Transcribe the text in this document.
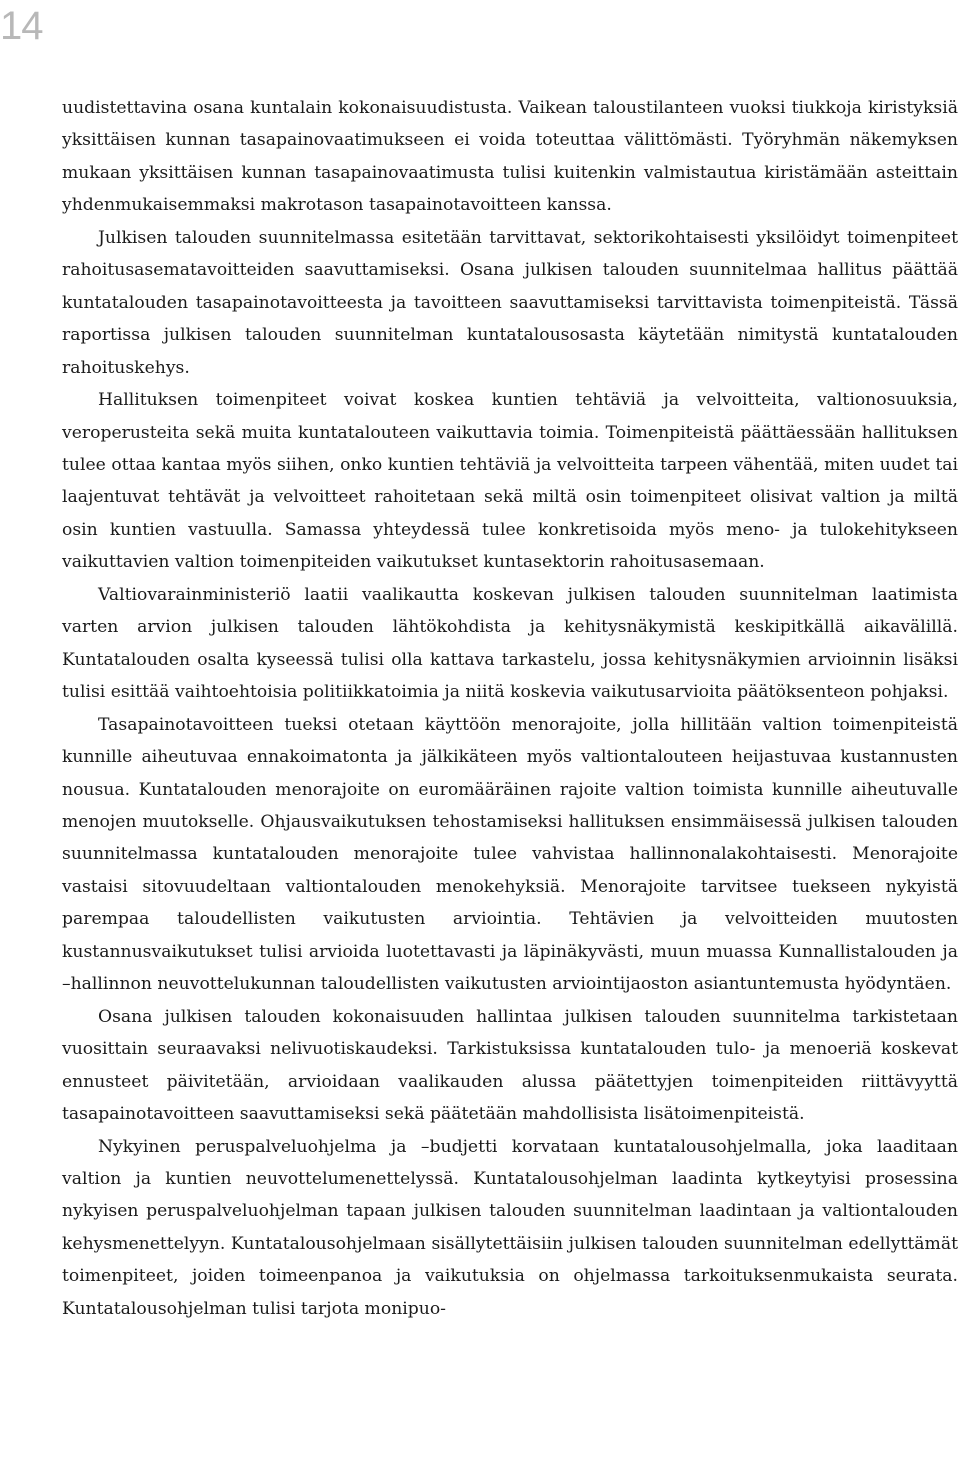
14

uudistettavina osana kuntalain kokonaisuudistusta. Vaikean taloustilanteen vuoksi tiukkoja kiristyksiä yksittäisen kunnan tasapainovaatimukseen ei voida toteuttaa välittömästi. Työryhmän näkemyksen mukaan yksittäisen kunnan tasapainovaatimusta tulisi kuitenkin valmistautua kiristämään asteittain yhdenmukaisemmaksi makrotason tasapainotavoitteen kanssa.

Julkisen talouden suunnitelmassa esitetään tarvittavat, sektorikohtaisesti yksilöidyt toimenpiteet rahoitusasematavoitteiden saavuttamiseksi. Osana julkisen talouden suunnitelmaa hallitus päättää kuntatalouden tasapainotavoitteesta ja tavoitteen saavuttamiseksi tarvittavista toimenpiteistä. Tässä raportissa julkisen talouden suunnitelman kuntatalousosasta käytetään nimitystä kuntatalouden rahoituskehys.

Hallituksen toimenpiteet voivat koskea kuntien tehtäviä ja velvoitteita, valtionosuuksia, veroperusteita sekä muita kuntatalouteen vaikuttavia toimia. Toimenpiteistä päättäessään hallituksen tulee ottaa kantaa myös siihen, onko kuntien tehtäviä ja velvoitteita tarpeen vähentää, miten uudet tai laajentuvat tehtävät ja velvoitteet rahoitetaan sekä miltä osin toimenpiteet olisivat valtion ja miltä osin kuntien vastuulla. Samassa yhteydessä tulee konkretisoida myös meno- ja tulokehitykseen vaikuttavien valtion toimenpiteiden vaikutukset kuntasektorin rahoitusasemaan.

Valtiovarainministeriö laatii vaalikautta koskevan julkisen talouden suunnitelman laatimista varten arvion julkisen talouden lähtökohdista ja kehitysnäkymistä keskipitkällä aikavälillä. Kuntatalouden osalta kyseessä tulisi olla kattava tarkastelu, jossa kehitysnäkymien arvioinnin lisäksi tulisi esittää vaihtoehtoisia politiikkatoimia ja niitä koskevia vaikutusarvioita päätöksenteon pohjaksi.

Tasapainotavoitteen tueksi otetaan käyttöön menorajoite, jolla hillitään valtion toimenpiteistä kunnille aiheutuvaa ennakoimatonta ja jälkikäteen myös valtiontalouteen heijastuvaa kustannusten nousua. Kuntatalouden menorajoite on euromääräinen rajoite valtion toimista kunnille aiheutuvalle menojen muutokselle. Ohjausvaikutuksen tehostamiseksi hallituksen ensimmäisessä julkisen talouden suunnitelmassa kuntatalouden menorajoite tulee vahvistaa hallinnonalakohtaisesti. Menorajoite vastaisi sitovuudeltaan valtiontalouden menokehyksiä. Menorajoite tarvitsee tuekseen nykyistä parempaa taloudellisten vaikutusten arviointia. Tehtävien ja velvoitteiden muutosten kustannusvaikutukset tulisi arvioida luotettavasti ja läpinäkyvästi, muun muassa Kunnallistalouden ja –hallinnon neuvottelukunnan taloudellisten vaikutusten arviointijaoston asiantuntemusta hyödyntäen.

Osana julkisen talouden kokonaisuuden hallintaa julkisen talouden suunnitelma tarkistetaan vuosittain seuraavaksi nelivuotiskaudeksi. Tarkistuksissa kuntatalouden tulo- ja menoeriä koskevat ennusteet päivitetään, arvioidaan vaalikauden alussa päätettyjen toimenpiteiden riittävyyttä tasapainotavoitteen saavuttamiseksi sekä päätetään mahdollisista lisätoimenpiteistä.

Nykyinen peruspalveluohjelma ja –budjetti korvataan kuntatalousohjelmalla, joka laaditaan valtion ja kuntien neuvottelumenettelyssä. Kuntatalousohjelman laadinta kytkeytyisi prosessina nykyisen peruspalveluohjelman tapaan julkisen talouden suunnitelman laadintaan ja valtiontalouden kehysmenettelyyn. Kuntatalousohjelmaan sisällytettäisiin julkisen talouden suunnitelman edellyttämät toimenpiteet, joiden toimeenpanoa ja vaikutuksia on ohjelmassa tarkoituksenmukaista seurata. Kuntatalousohjelman tulisi tarjota monipuo-
